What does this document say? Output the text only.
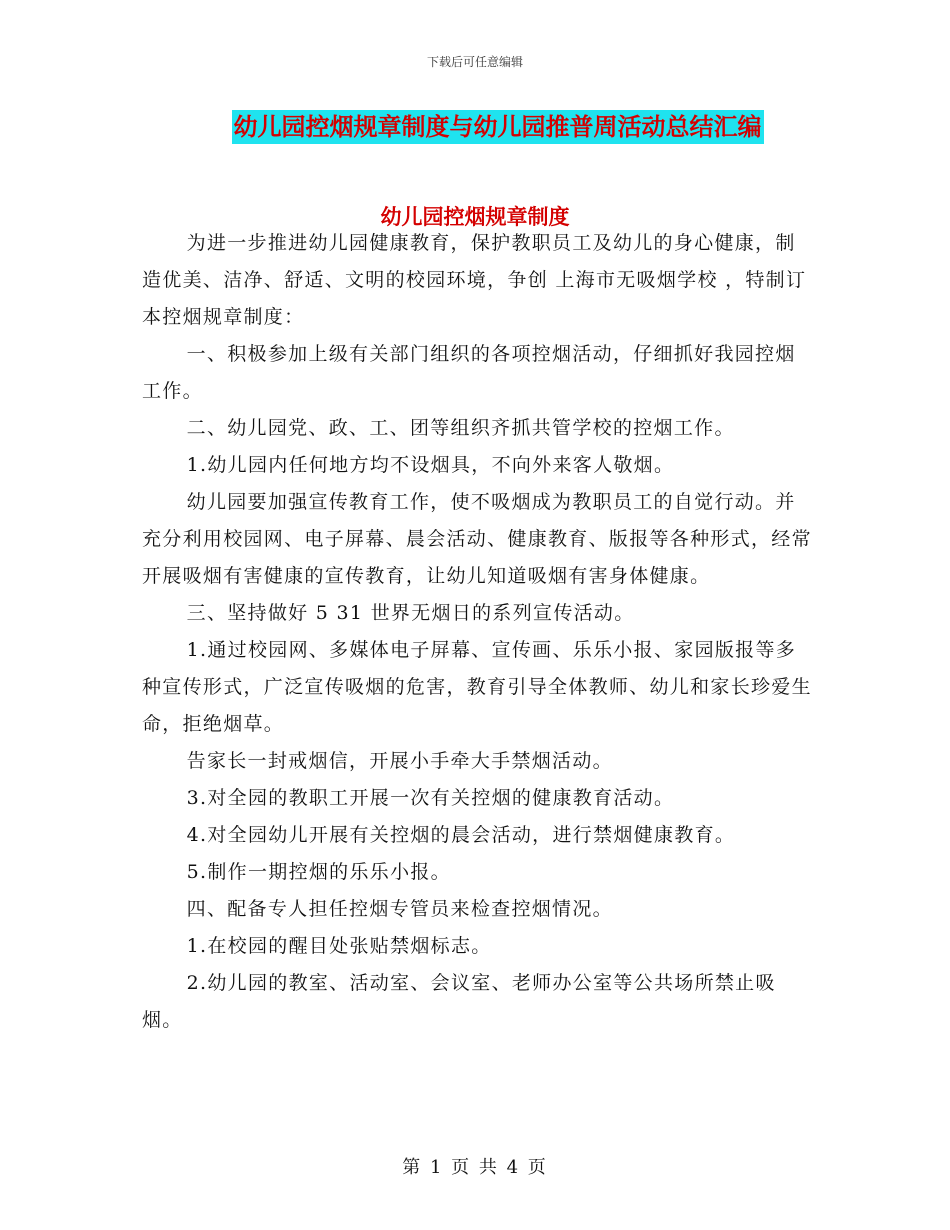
下载后可任意编辑
幼儿园控烟规章制度与幼儿园推普周活动总结汇编
幼儿园控烟规章制度

为进一步推进幼儿园健康教育，保护教职员工及幼儿的身心健康，制造优美、洁净、舒适、文明的校园环境，争创 上海市无吸烟学校 ，特制订本控烟规章制度：

一、积极参加上级有关部门组织的各项控烟活动，仔细抓好我园控烟工作。

二、幼儿园党、政、工、团等组织齐抓共管学校的控烟工作。

1.幼儿园内任何地方均不设烟具，不向外来客人敬烟。

幼儿园要加强宣传教育工作，使不吸烟成为教职员工的自觉行动。并充分利用校园网、电子屏幕、晨会活动、健康教育、版报等各种形式，经常开展吸烟有害健康的宣传教育，让幼儿知道吸烟有害身体健康。

三、坚持做好 5 31 世界无烟日的系列宣传活动。

1.通过校园网、多媒体电子屏幕、宣传画、乐乐小报、家园版报等多种宣传形式，广泛宣传吸烟的危害，教育引导全体教师、幼儿和家长珍爱生命，拒绝烟草。

告家长一封戒烟信，开展小手牵大手禁烟活动。

3.对全园的教职工开展一次有关控烟的健康教育活动。

4.对全园幼儿开展有关控烟的晨会活动，进行禁烟健康教育。

5.制作一期控烟的乐乐小报。

四、配备专人担任控烟专管员来检查控烟情况。

1.在校园的醒目处张贴禁烟标志。

2.幼儿园的教室、活动室、会议室、老师办公室等公共场所禁止吸烟。

第 1 页 共 4 页
